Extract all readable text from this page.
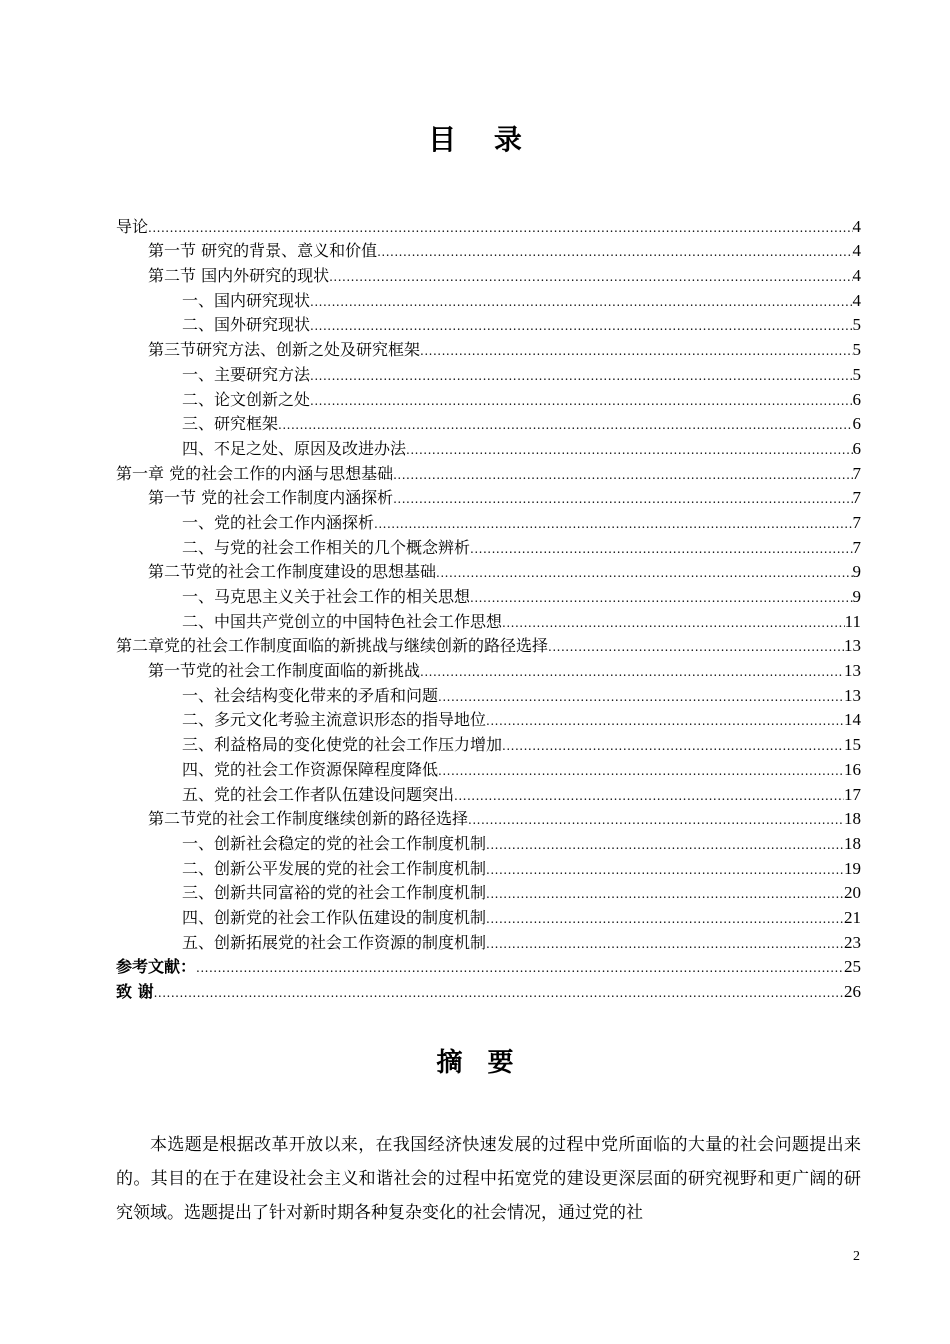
目 录
导论 .....	4
第一节 研究的背景、意义和价值 .....	4
第二节 国内外研究的现状 .....	4
一、国内研究现状 .....	4
二、国外研究现状 .....	5
第三节研究方法、创新之处及研究框架 .....	5
一、主要研究方法 .....	5
二、论文创新之处 .....	6
三、研究框架 .....	6
四、不足之处、原因及改进办法 .....	6
第一章 党的社会工作的内涵与思想基础 .....	7
第一节 党的社会工作制度内涵探析 .....	7
一、党的社会工作内涵探析 .....	7
二、与党的社会工作相关的几个概念辨析 .....	7
第二节党的社会工作制度建设的思想基础 .....	9
一、马克思主义关于社会工作的相关思想 .....	9
二、中国共产党创立的中国特色社会工作思想 .....	11
第二章党的社会工作制度面临的新挑战与继续创新的路径选择 .....	13
第一节党的社会工作制度面临的新挑战 .....	13
一、社会结构变化带来的矛盾和问题 .....	13
二、多元文化考验主流意识形态的指导地位 .....	14
三、利益格局的变化使党的社会工作压力增加 .....	15
四、党的社会工作资源保障程度降低 .....	16
五、党的社会工作者队伍建设问题突出 .....	17
第二节党的社会工作制度继续创新的路径选择 .....	18
一、创新社会稳定的党的社会工作制度机制 .....	18
二、创新公平发展的党的社会工作制度机制 .....	19
三、创新共同富裕的党的社会工作制度机制 .....	20
四、创新党的社会工作队伍建设的制度机制 .....	21
五、创新拓展党的社会工作资源的制度机制 .....	23
参考文献： .....	25
致 谢 .....	26
摘 要

本选题是根据改革开放以来，在我国经济快速发展的过程中党所面临的大量的社会问题提出来的。其目的在于在建设社会主义和谐社会的过程中拓宽党的建设更深层面的研究视野和更广阔的研究领域。选题提出了针对新时期各种复杂变化的社会情况，通过党的社

2
